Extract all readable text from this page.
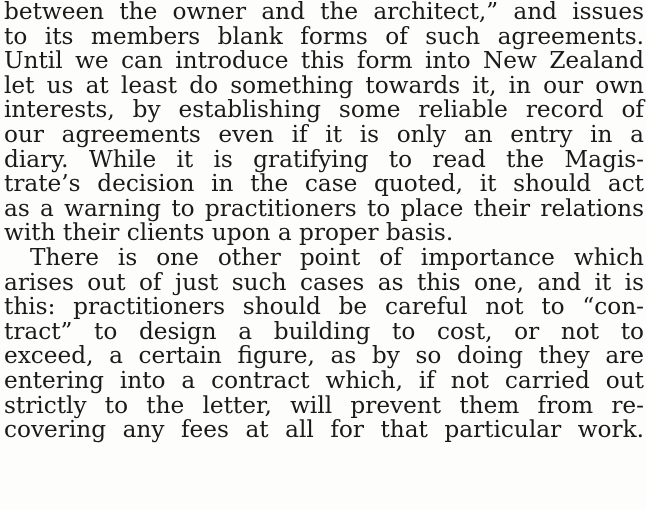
between the owner and the architect,” and issues
to its members blank forms of such agreements.
Until we can introduce this form into New Zealand
let us at least do something towards it, in our own
interests, by establishing some reliable record of
our agreements even if it is only an entry in a
diary. While it is gratifying to read the Magis-
trate’s decision in the case quoted, it should act
as a warning to practitioners to place their relations
with their clients upon a proper basis.
There is one other point of importance which
arises out of just such cases as this one, and it is
this: practitioners should be careful not to “con-
tract” to design a building to cost, or not to
exceed, a certain figure, as by so doing they are
entering into a contract which, if not carried out
strictly to the letter, will prevent them from re-
covering any fees at all for that particular work.
